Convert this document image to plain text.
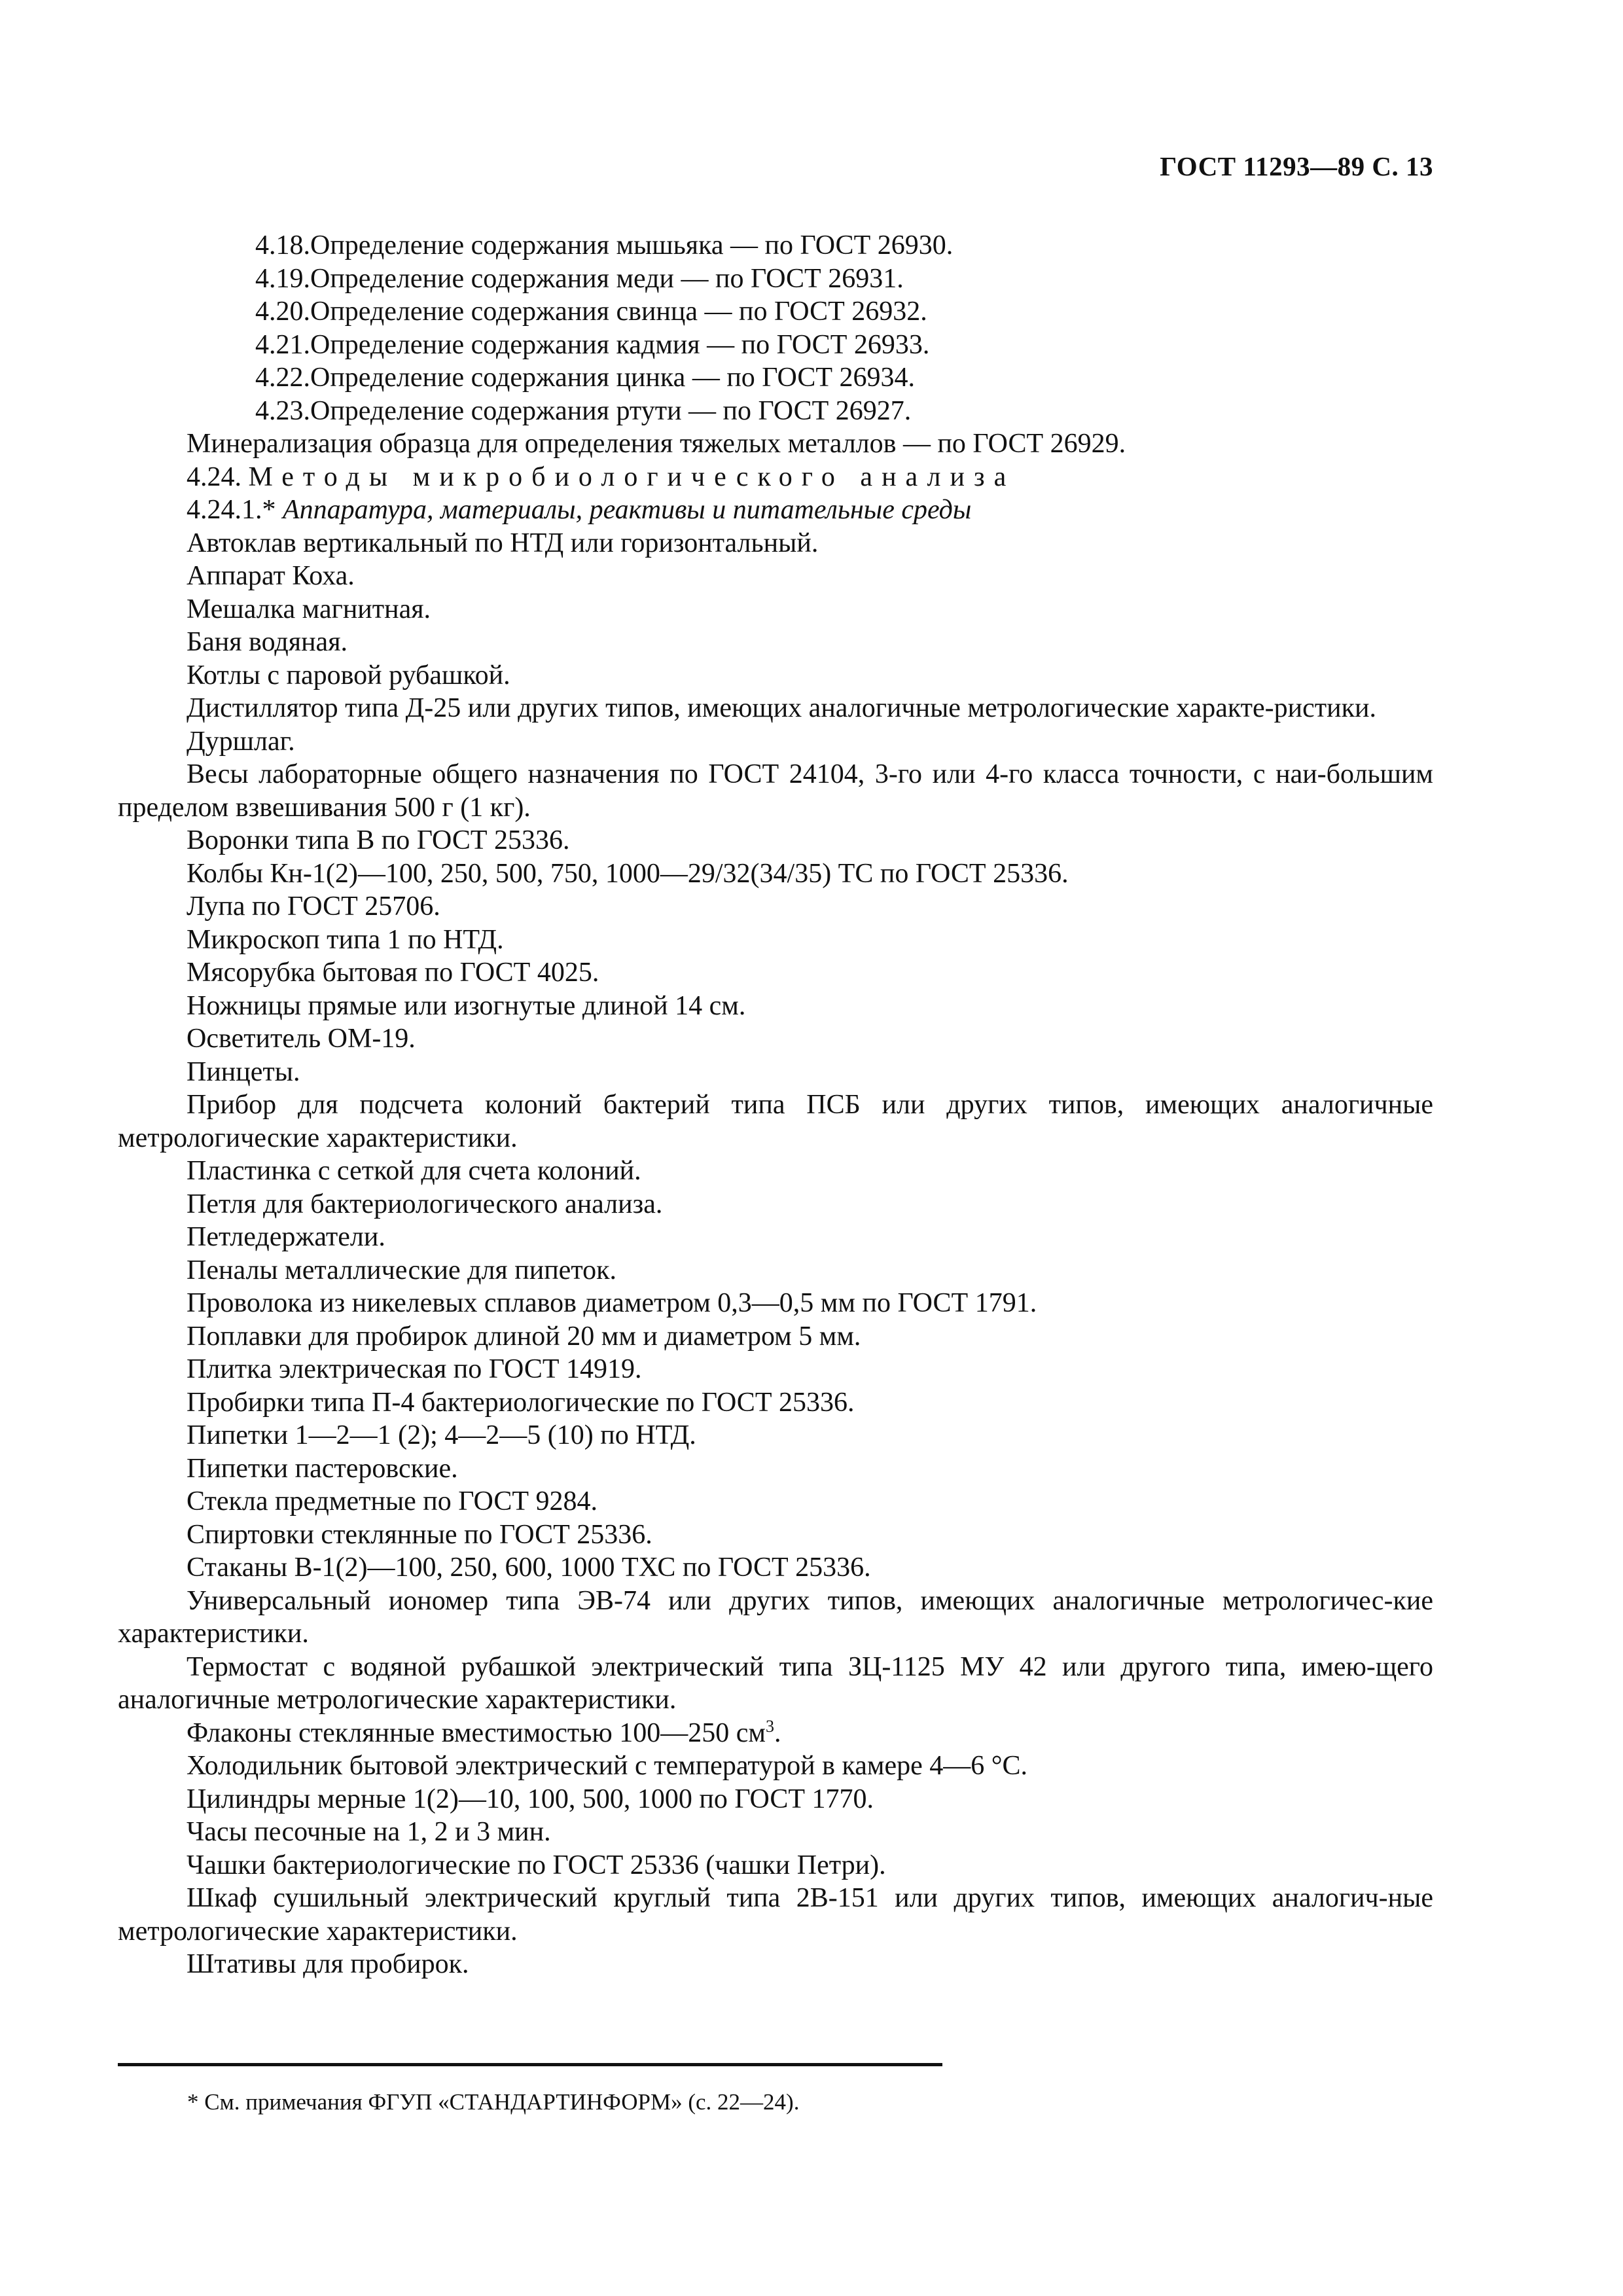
ГОСТ 11293—89 С. 13

4.18.Определение содержания мышьяка — по ГОСТ 26930.

4.19.Определение содержания меди — по ГОСТ 26931.

4.20.Определение содержания свинца — по ГОСТ 26932.

4.21.Определение содержания кадмия — по ГОСТ 26933.

4.22.Определение содержания цинка — по ГОСТ 26934.

4.23.Определение содержания ртути — по ГОСТ 26927.

Минерализация образца для определения тяжелых металлов — по ГОСТ 26929.

4.24. Методы микробиологического анализа

4.24.1.* Аппаратура, материалы, реактивы и питательные среды

Автоклав вертикальный по НТД или горизонтальный.

Аппарат Коха.

Мешалка магнитная.

Баня водяная.

Котлы с паровой рубашкой.

Дистиллятор типа Д-25 или других типов, имеющих аналогичные метрологические характе-ристики.

Дуршлаг.

Весы лабораторные общего назначения по ГОСТ 24104, 3-го или 4-го класса точности, с наи-большим пределом взвешивания 500 г (1 кг).

Воронки типа В по ГОСТ 25336.

Колбы Кн-1(2)—100, 250, 500, 750, 1000—29/32(34/35) ТС по ГОСТ 25336.

Лупа по ГОСТ 25706.

Микроскоп типа 1 по НТД.

Мясорубка бытовая по ГОСТ 4025.

Ножницы прямые или изогнутые длиной 14 см.

Осветитель ОМ-19.

Пинцеты.

Прибор для подсчета колоний бактерий типа ПСБ или других типов, имеющих аналогичные метрологические характеристики.

Пластинка с сеткой для счета колоний.

Петля для бактериологического анализа.

Петледержатели.

Пеналы металлические для пипеток.

Проволока из никелевых сплавов диаметром 0,3—0,5 мм по ГОСТ 1791.

Поплавки для пробирок длиной 20 мм и диаметром 5 мм.

Плитка электрическая по ГОСТ 14919.

Пробирки типа П-4 бактериологические по ГОСТ 25336.

Пипетки 1—2—1 (2); 4—2—5 (10) по НТД.

Пипетки пастеровские.

Стекла предметные по ГОСТ 9284.

Спиртовки стеклянные по ГОСТ 25336.

Стаканы В-1(2)—100, 250, 600, 1000 ТХС по ГОСТ 25336.

Универсальный иономер типа ЭВ-74 или других типов, имеющих аналогичные метрологичес-кие характеристики.

Термостат с водяной рубашкой электрический типа ЗЦ-1125 МУ 42 или другого типа, имею-щего аналогичные метрологические характеристики.

Флаконы стеклянные вместимостью 100—250 $см^3$.

Холодильник бытовой электрический с температурой в камере 4—6 °С.

Цилиндры мерные 1(2)—10, 100, 500, 1000 по ГОСТ 1770.

Часы песочные на 1, 2 и 3 мин.

Чашки бактериологические по ГОСТ 25336 (чашки Петри).

Шкаф сушильный электрический круглый типа 2В-151 или других типов, имеющих аналогич-ные метрологические характеристики.

Штативы для пробирок.

* См. примечания ФГУП «СТАНДАРТИНФОРМ» (с. 22—24).
